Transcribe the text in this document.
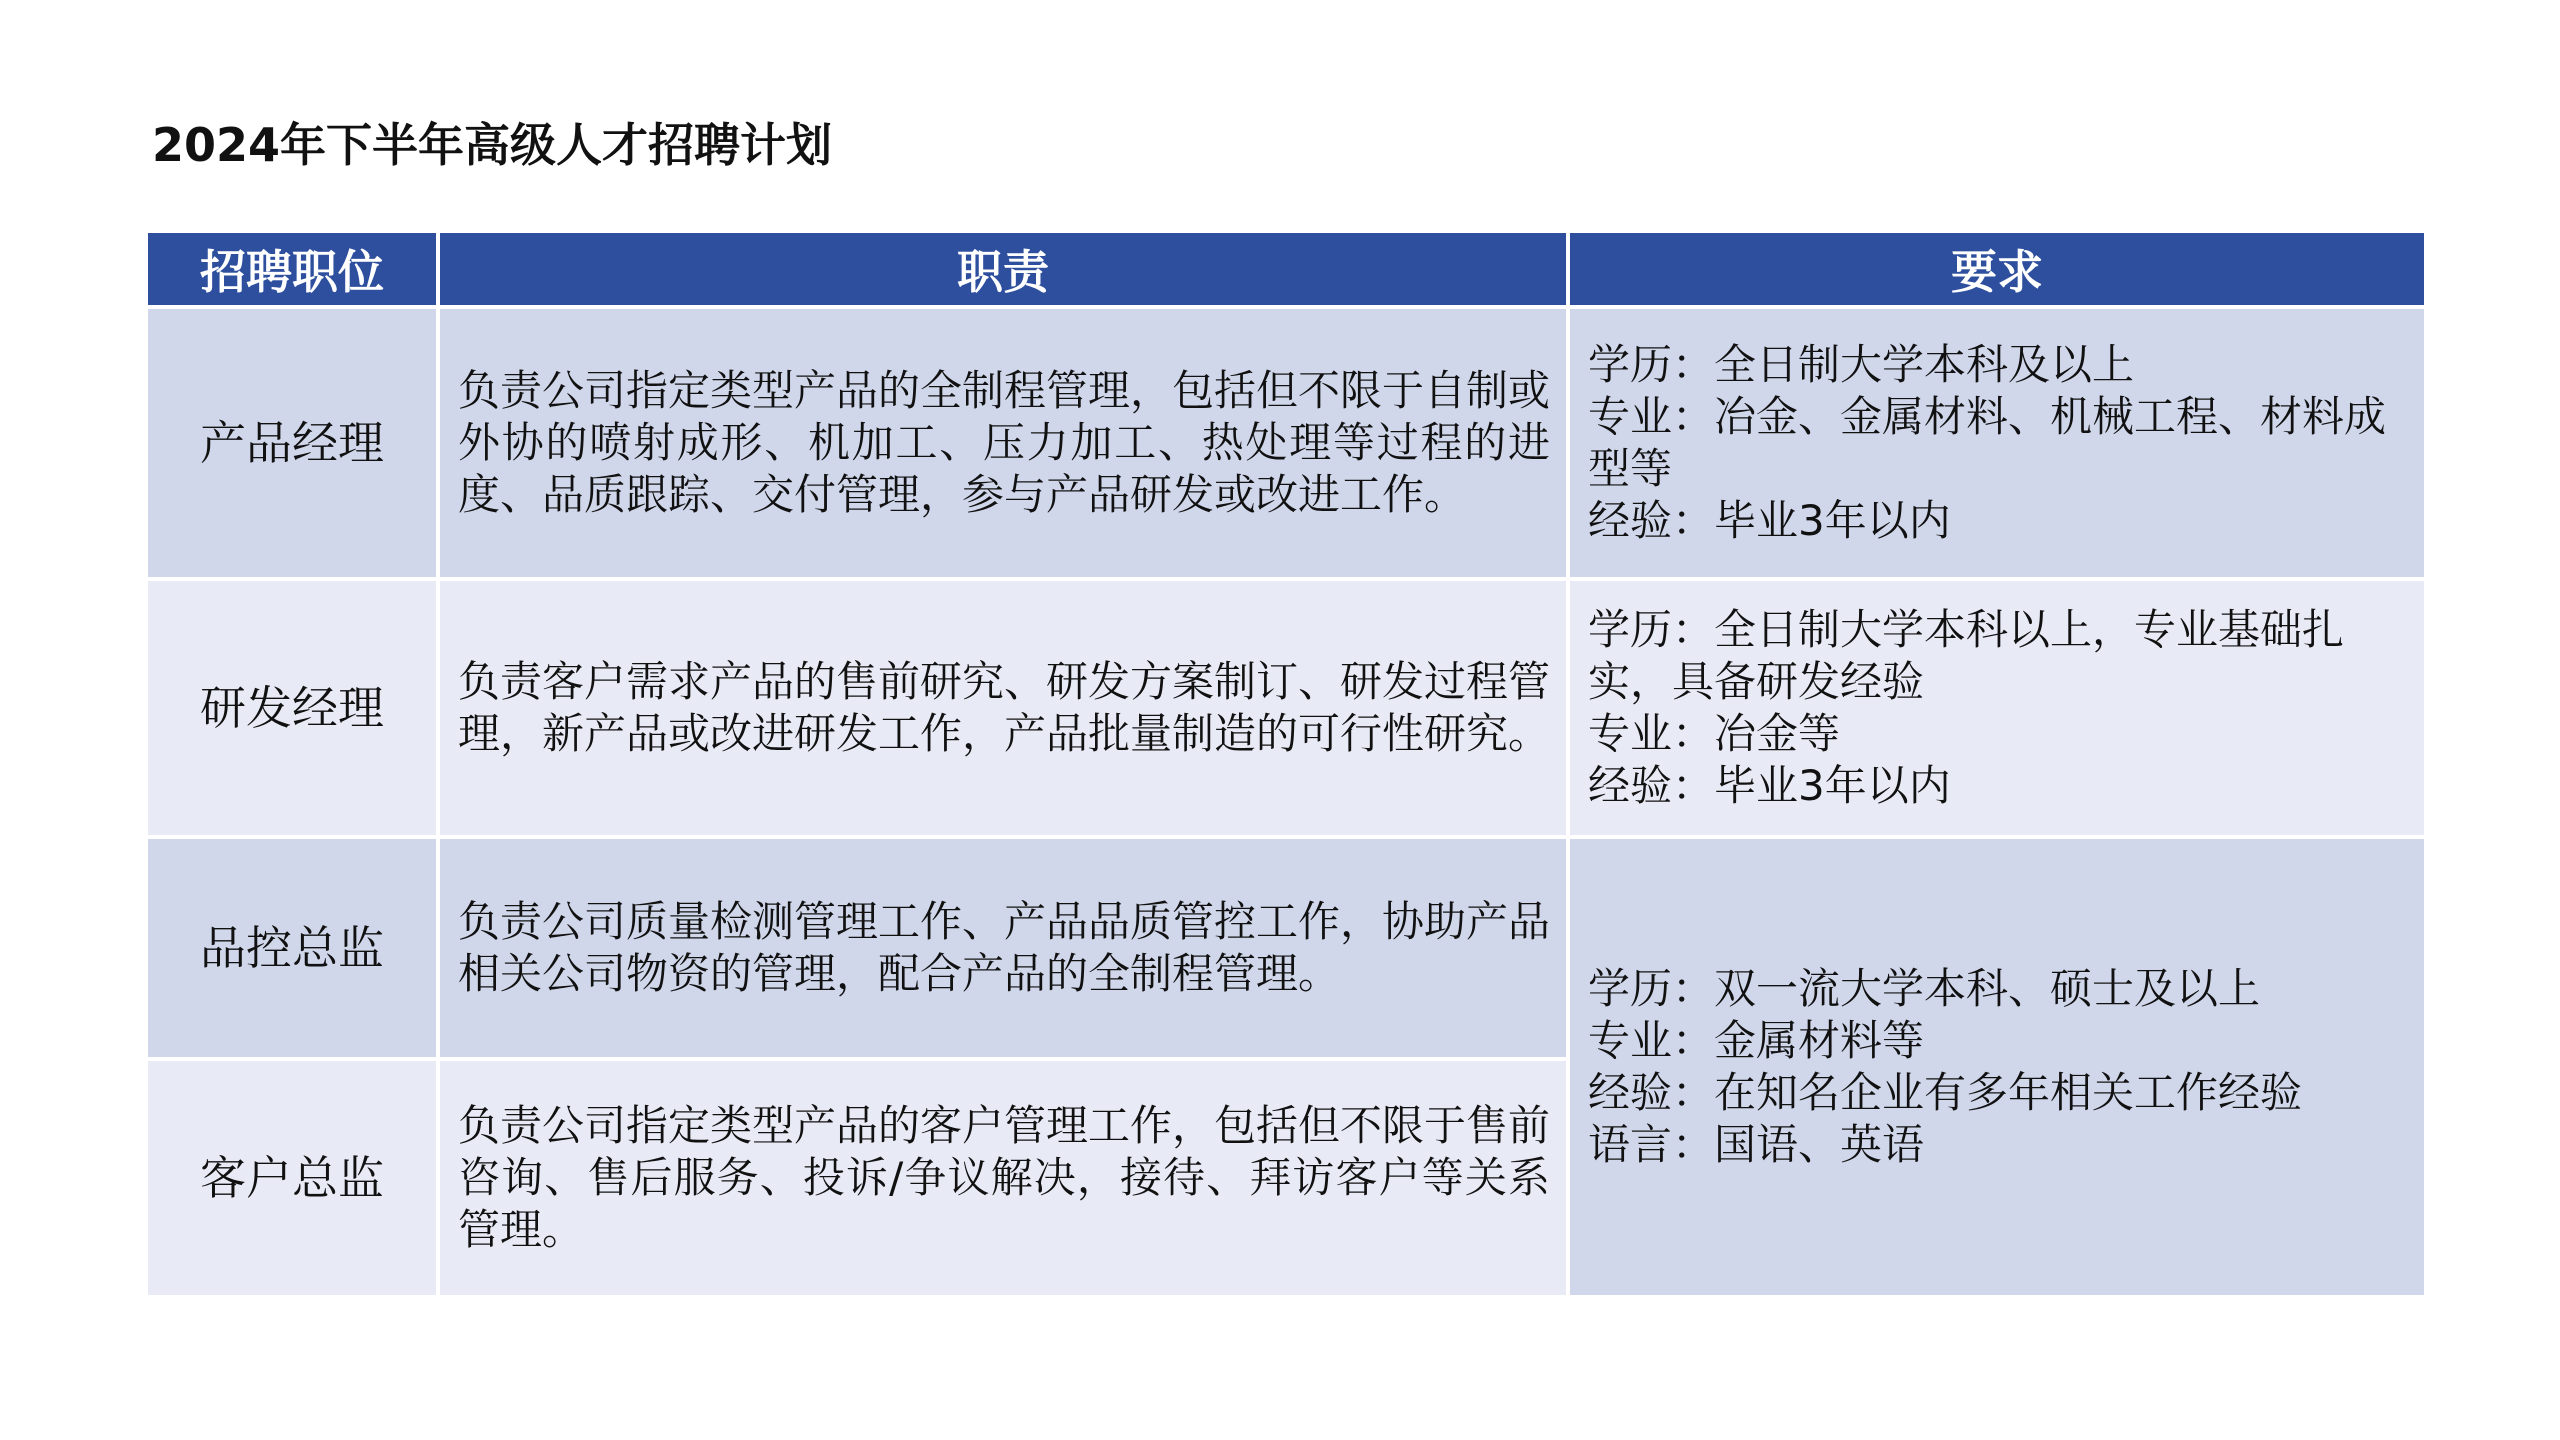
2024年下半年高级人才招聘计划
招聘职位	职责	要求
产品经理	负责公司指定类型产品的全制程管理，包括但不限于自制或外协的喷射成形、机加工、压力加工、热处理等过程的进度、品质跟踪、交付管理，参与产品研发或改进工作。	学历：全日制大学本科及以上
专业：冶金、金属材料、机械工程、材料成型等
经验：毕业3年以内

研发经理	负责客户需求产品的售前研究、研发方案制订、研发过程管理，新产品或改进研发工作，产品批量制造的可行性研究。	学历：全日制大学本科以上，专业基础扎实，具备研发经验
专业：冶金等
经验：毕业3年以内

品控总监	负责公司质量检测管理工作、产品品质管控工作，协助产品相关公司物资的管理，配合产品的全制程管理。	学历：双一流大学本科、硕士及以上
专业：金属材料等
经验：在知名企业有多年相关工作经验
语言：国语、英语

客户总监	负责公司指定类型产品的客户管理工作，包括但不限于售前咨询、售后服务、投诉/争议解决，接待、拜访客户等关系管理。	
